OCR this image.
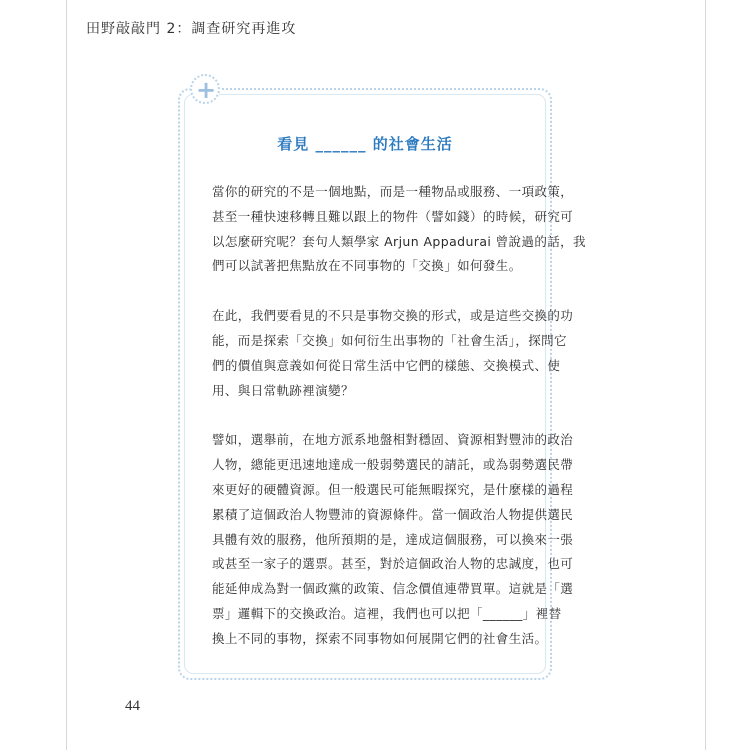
田野敲敲門 2：調查研究再進攻
+
看見 ______ 的社會生活

當你的研究的不是一個地點，而是一種物品或服務、一項政策，

甚至一種快速移轉且難以跟上的物件（譬如錢）的時候，研究可

以怎麼研究呢？套句人類學家 Arjun Appadurai 曾說過的話，我

們可以試著把焦點放在不同事物的「交換」如何發生。

在此，我們要看見的不只是事物交換的形式，或是這些交換的功

能，而是探索「交換」如何衍生出事物的「社會生活」，探問它

們的價值與意義如何從日常生活中它們的樣態、交換模式、使

用、與日常軌跡裡演變？

譬如，選舉前，在地方派系地盤相對穩固、資源相對豐沛的政治

人物，總能更迅速地達成一般弱勢選民的請託，或為弱勢選民帶

來更好的硬體資源。但一般選民可能無暇探究，是什麼樣的過程

累積了這個政治人物豐沛的資源條件。當一個政治人物提供選民

具體有效的服務，他所預期的是，達成這個服務，可以換來一張

或甚至一家子的選票。甚至，對於這個政治人物的忠誠度，也可

能延伸成為對一個政黨的政策、信念價值連帶買單。這就是「選

票」邏輯下的交換政治。這裡，我們也可以把「______」裡替

換上不同的事物，探索不同事物如何展開它們的社會生活。

44
